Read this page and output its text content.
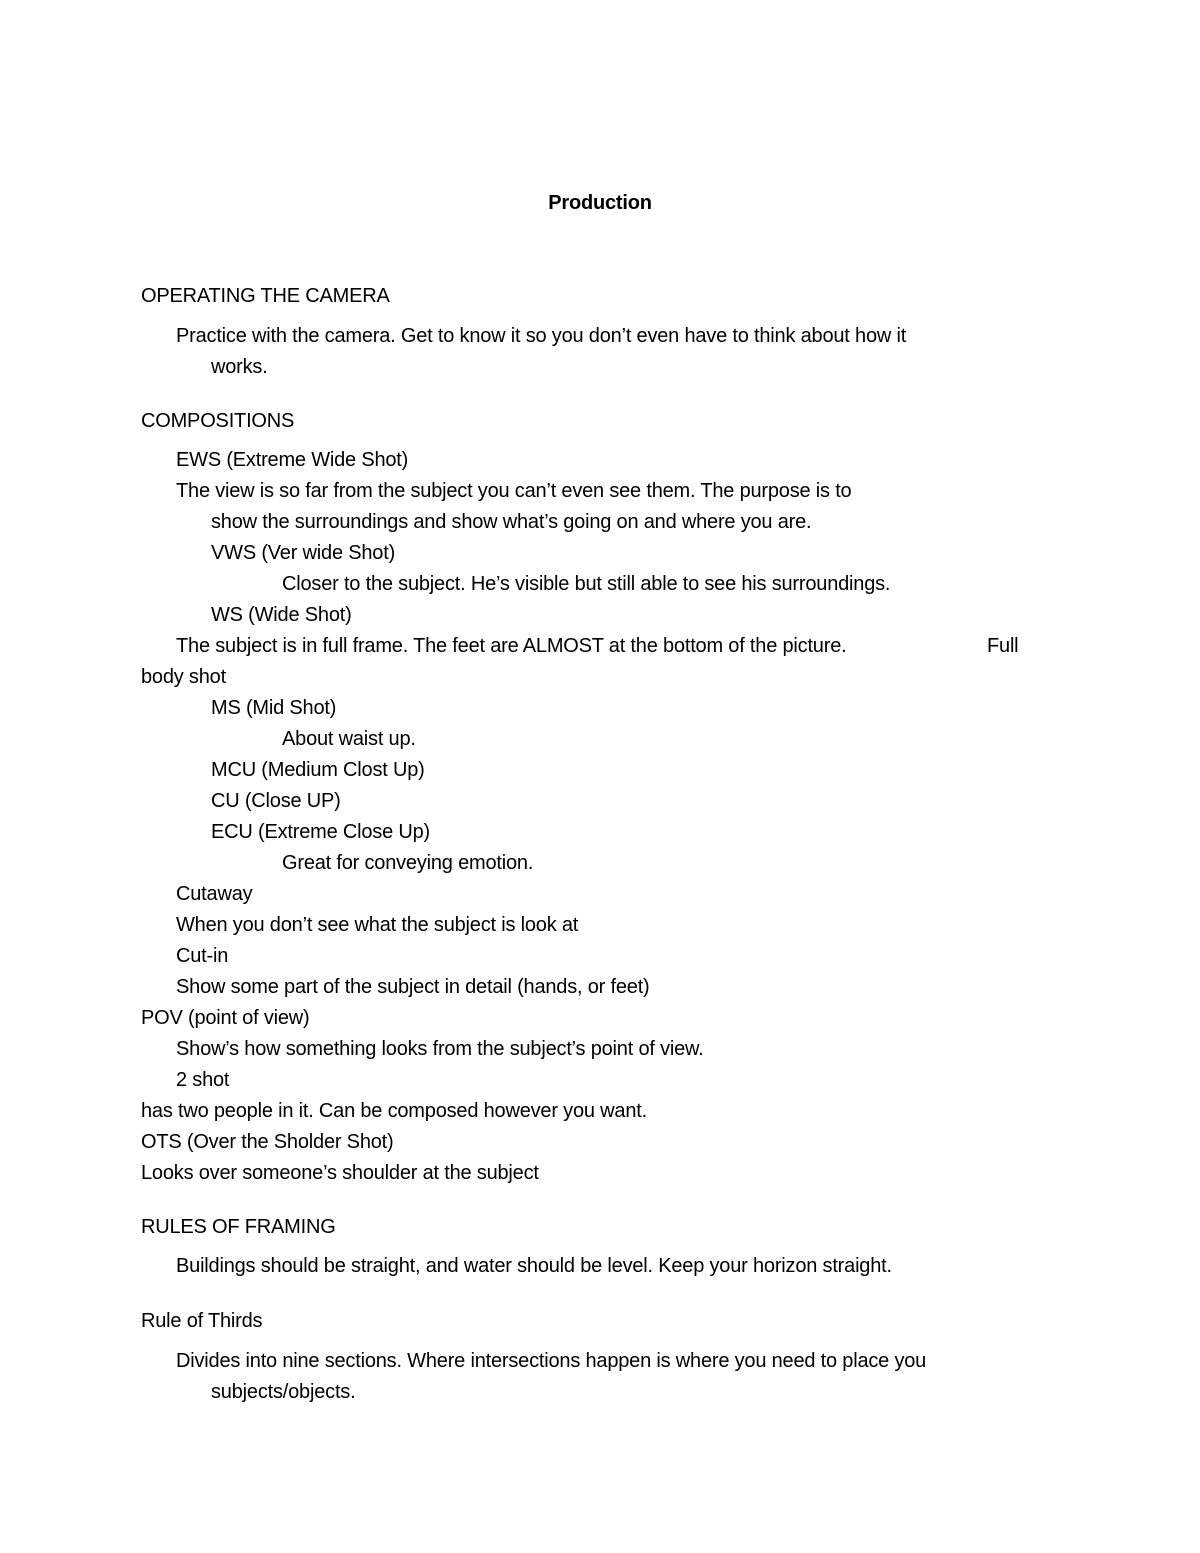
Production
OPERATING THE CAMERA
Practice with the camera. Get to know it so you don’t even have to think about how it
works.
COMPOSITIONS
EWS (Extreme Wide Shot)
The view is so far from the subject you can’t even see them. The purpose is to
show the surroundings and show what’s going on and where you are.
VWS (Ver wide Shot)
Closer to the subject. He’s visible but still able to see his surroundings.
WS (Wide Shot)
The subject is in full frame. The feet are ALMOST at the bottom of the picture.	Full
body shot
MS (Mid Shot)
About waist up.
MCU (Medium Clost Up)
CU (Close UP)
ECU (Extreme Close Up)
Great for conveying emotion.
Cutaway
When you don’t see what the subject is look at
Cut-in
Show some part of the subject in detail (hands, or feet)
POV (point of view)
Show’s how something looks from the subject’s point of view.
2 shot
has two people in it. Can be composed however you want.
OTS (Over the Sholder Shot)
Looks over someone’s shoulder at the subject
RULES OF FRAMING
Buildings should be straight, and water should be level. Keep your horizon straight.
Rule of Thirds
Divides into nine sections. Where intersections happen is where you need to place you
subjects/objects.
